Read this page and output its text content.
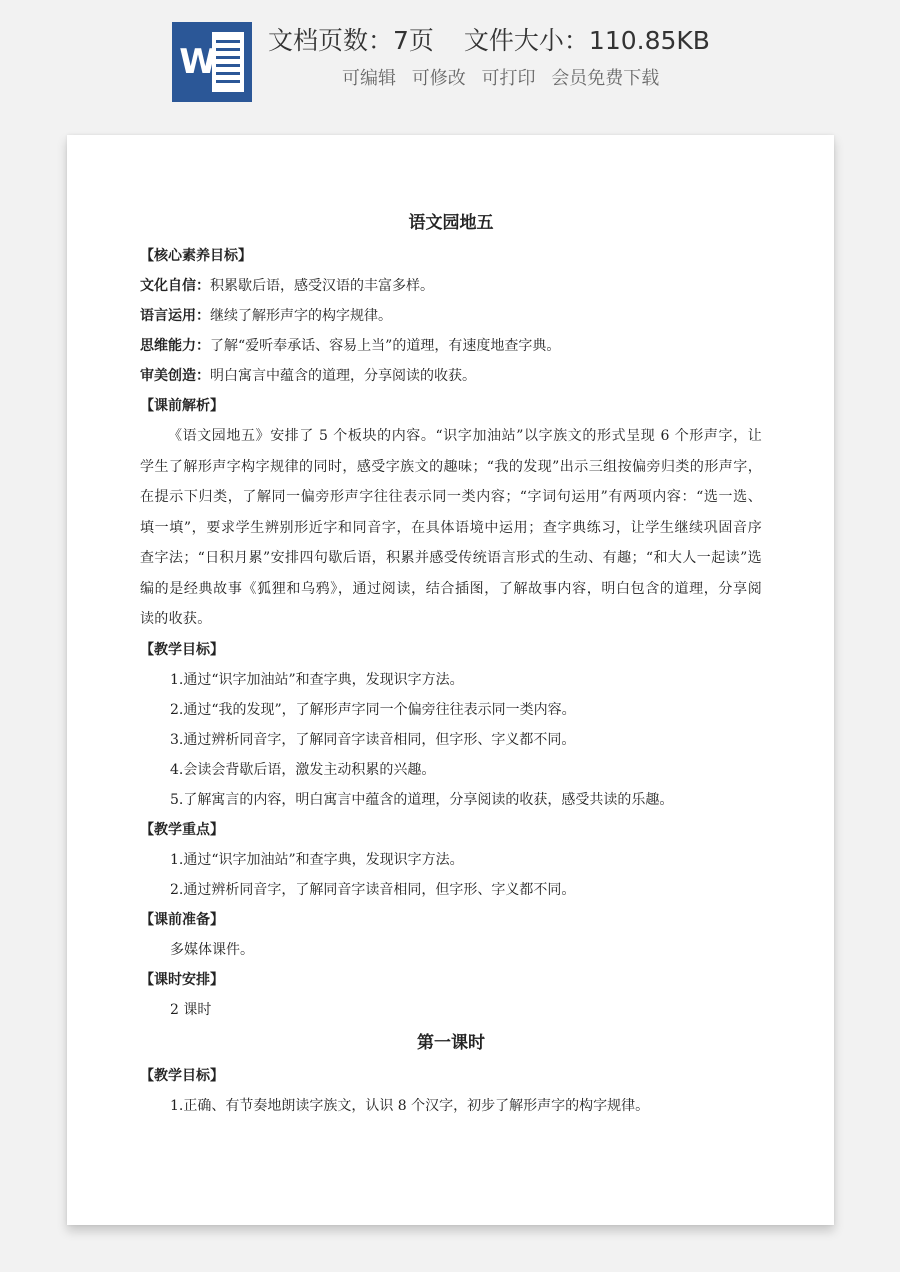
W
文档页数：7页 文件大小：110.85KB
可编辑 可修改 可打印 会员免费下载
语文园地五
【核心素养目标】
文化自信：积累歇后语，感受汉语的丰富多样。
语言运用：继续了解形声字的构字规律。
思维能力：了解“爱听奉承话、容易上当”的道理，有速度地查字典。
审美创造：明白寓言中蕴含的道理，分享阅读的收获。
【课前解析】
《语文园地五》安排了 5 个板块的内容。“识字加油站”以字族文的形式呈现 6 个形声字，让学生了解形声字构字规律的同时，感受字族文的趣味；“我的发现”出示三组按偏旁归类的形声字，在提示下归类，了解同一偏旁形声字往往表示同一类内容；“字词句运用”有两项内容：“选一选、填一填”，要求学生辨别形近字和同音字，在具体语境中运用；查字典练习，让学生继续巩固音序查字法；“日积月累”安排四句歇后语，积累并感受传统语言形式的生动、有趣；“和大人一起读”选编的是经典故事《狐狸和乌鸦》，通过阅读，结合插图，了解故事内容，明白包含的道理，分享阅读的收获。
【教学目标】
1.通过“识字加油站”和查字典，发现识字方法。
2.通过“我的发现”，了解形声字同一个偏旁往往表示同一类内容。
3.通过辨析同音字，了解同音字读音相同，但字形、字义都不同。
4.会读会背歇后语，激发主动积累的兴趣。
5.了解寓言的内容，明白寓言中蕴含的道理，分享阅读的收获，感受共读的乐趣。
【教学重点】
1.通过“识字加油站”和查字典，发现识字方法。
2.通过辨析同音字，了解同音字读音相同，但字形、字义都不同。
【课前准备】
多媒体课件。
【课时安排】
2 课时
第一课时
【教学目标】
1.正确、有节奏地朗读字族文，认识 8 个汉字，初步了解形声字的构字规律。
